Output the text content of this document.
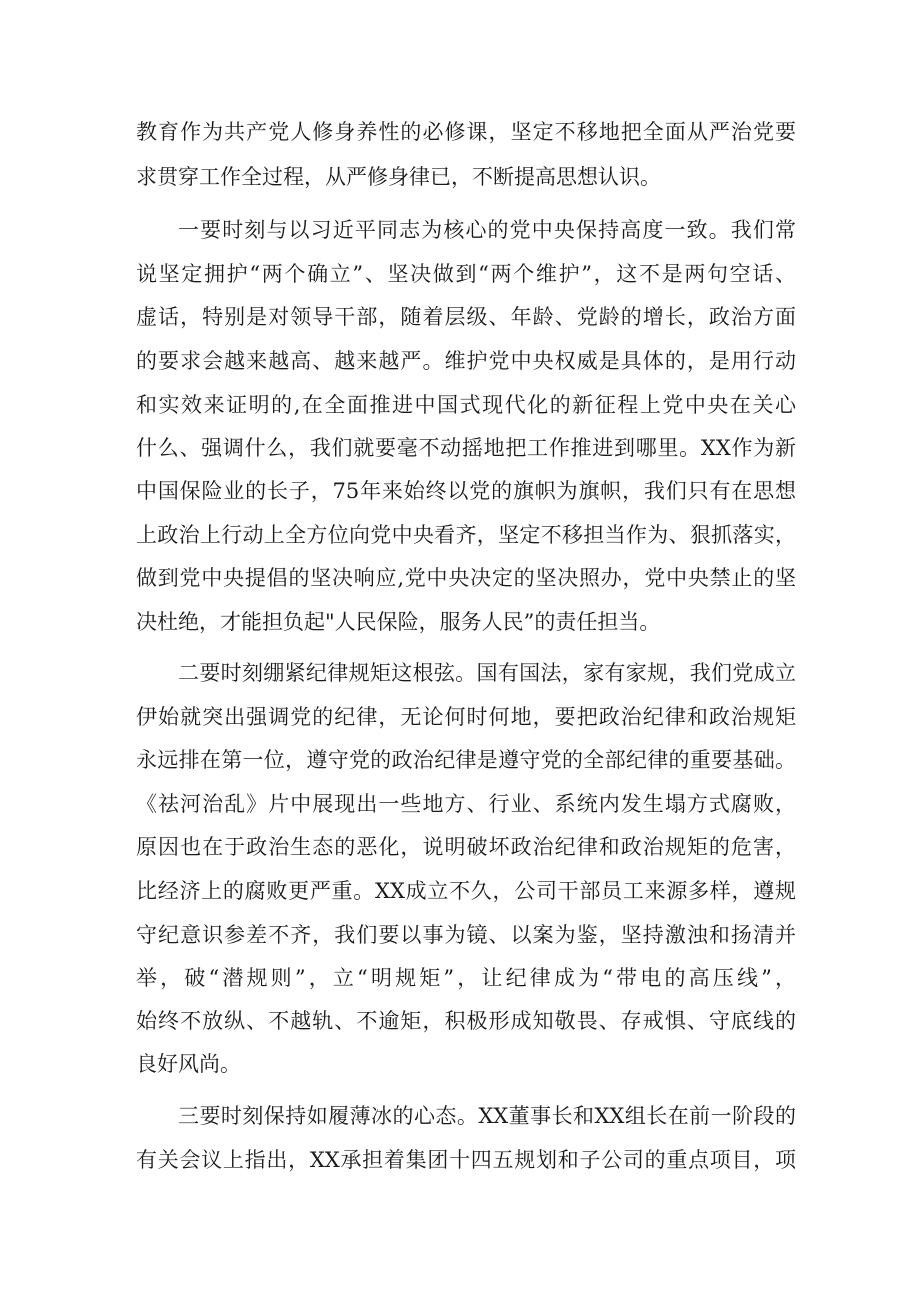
教育作为共产党人修身养性的必修课，坚定不移地把全面从严治党要

求贯穿工作全过程，从严修身律已，不断提高思想认识。

一要时刻与以习近平同志为核心的党中央保持高度一致。我们常

说坚定拥护“两个确立”、坚决做到“两个维护”，这不是两句空话、

虚话，特别是对领导干部，随着层级、年龄、党龄的增长，政治方面

的要求会越来越高、越来越严。维护党中央权威是具体的，是用行动

和实效来证明的,在全面推进中国式现代化的新征程上党中央在关心

什么、强调什么，我们就要毫不动摇地把工作推进到哪里。XX作为新

中国保险业的长子，75年来始终以党的旗帜为旗帜，我们只有在思想

上政治上行动上全方位向党中央看齐，坚定不移担当作为、狠抓落实，

做到党中央提倡的坚决响应,党中央决定的坚决照办，党中央禁止的坚

决杜绝，才能担负起"人民保险，服务人民”的责任担当。

二要时刻绷紧纪律规矩这根弦。国有国法，家有家规，我们党成立

伊始就突出强调党的纪律，无论何时何地，要把政治纪律和政治规矩

永远排在第一位，遵守党的政治纪律是遵守党的全部纪律的重要基础。

《祛河治乱》片中展现出一些地方、行业、系统内发生塌方式腐败，

原因也在于政治生态的恶化，说明破坏政治纪律和政治规矩的危害，

比经济上的腐败更严重。XX成立不久，公司干部员工来源多样，遵规

守纪意识参差不齐，我们要以事为镜、以案为鉴，坚持激浊和扬清并

举，破“潜规则”，立“明规矩”，让纪律成为“带电的高压线”，

始终不放纵、不越轨、不逾矩，积极形成知敬畏、存戒惧、守底线的

良好风尚。

三要时刻保持如履薄冰的心态。XX董事长和XX组长在前一阶段的

有关会议上指出，XX承担着集团十四五规划和子公司的重点项目，项
